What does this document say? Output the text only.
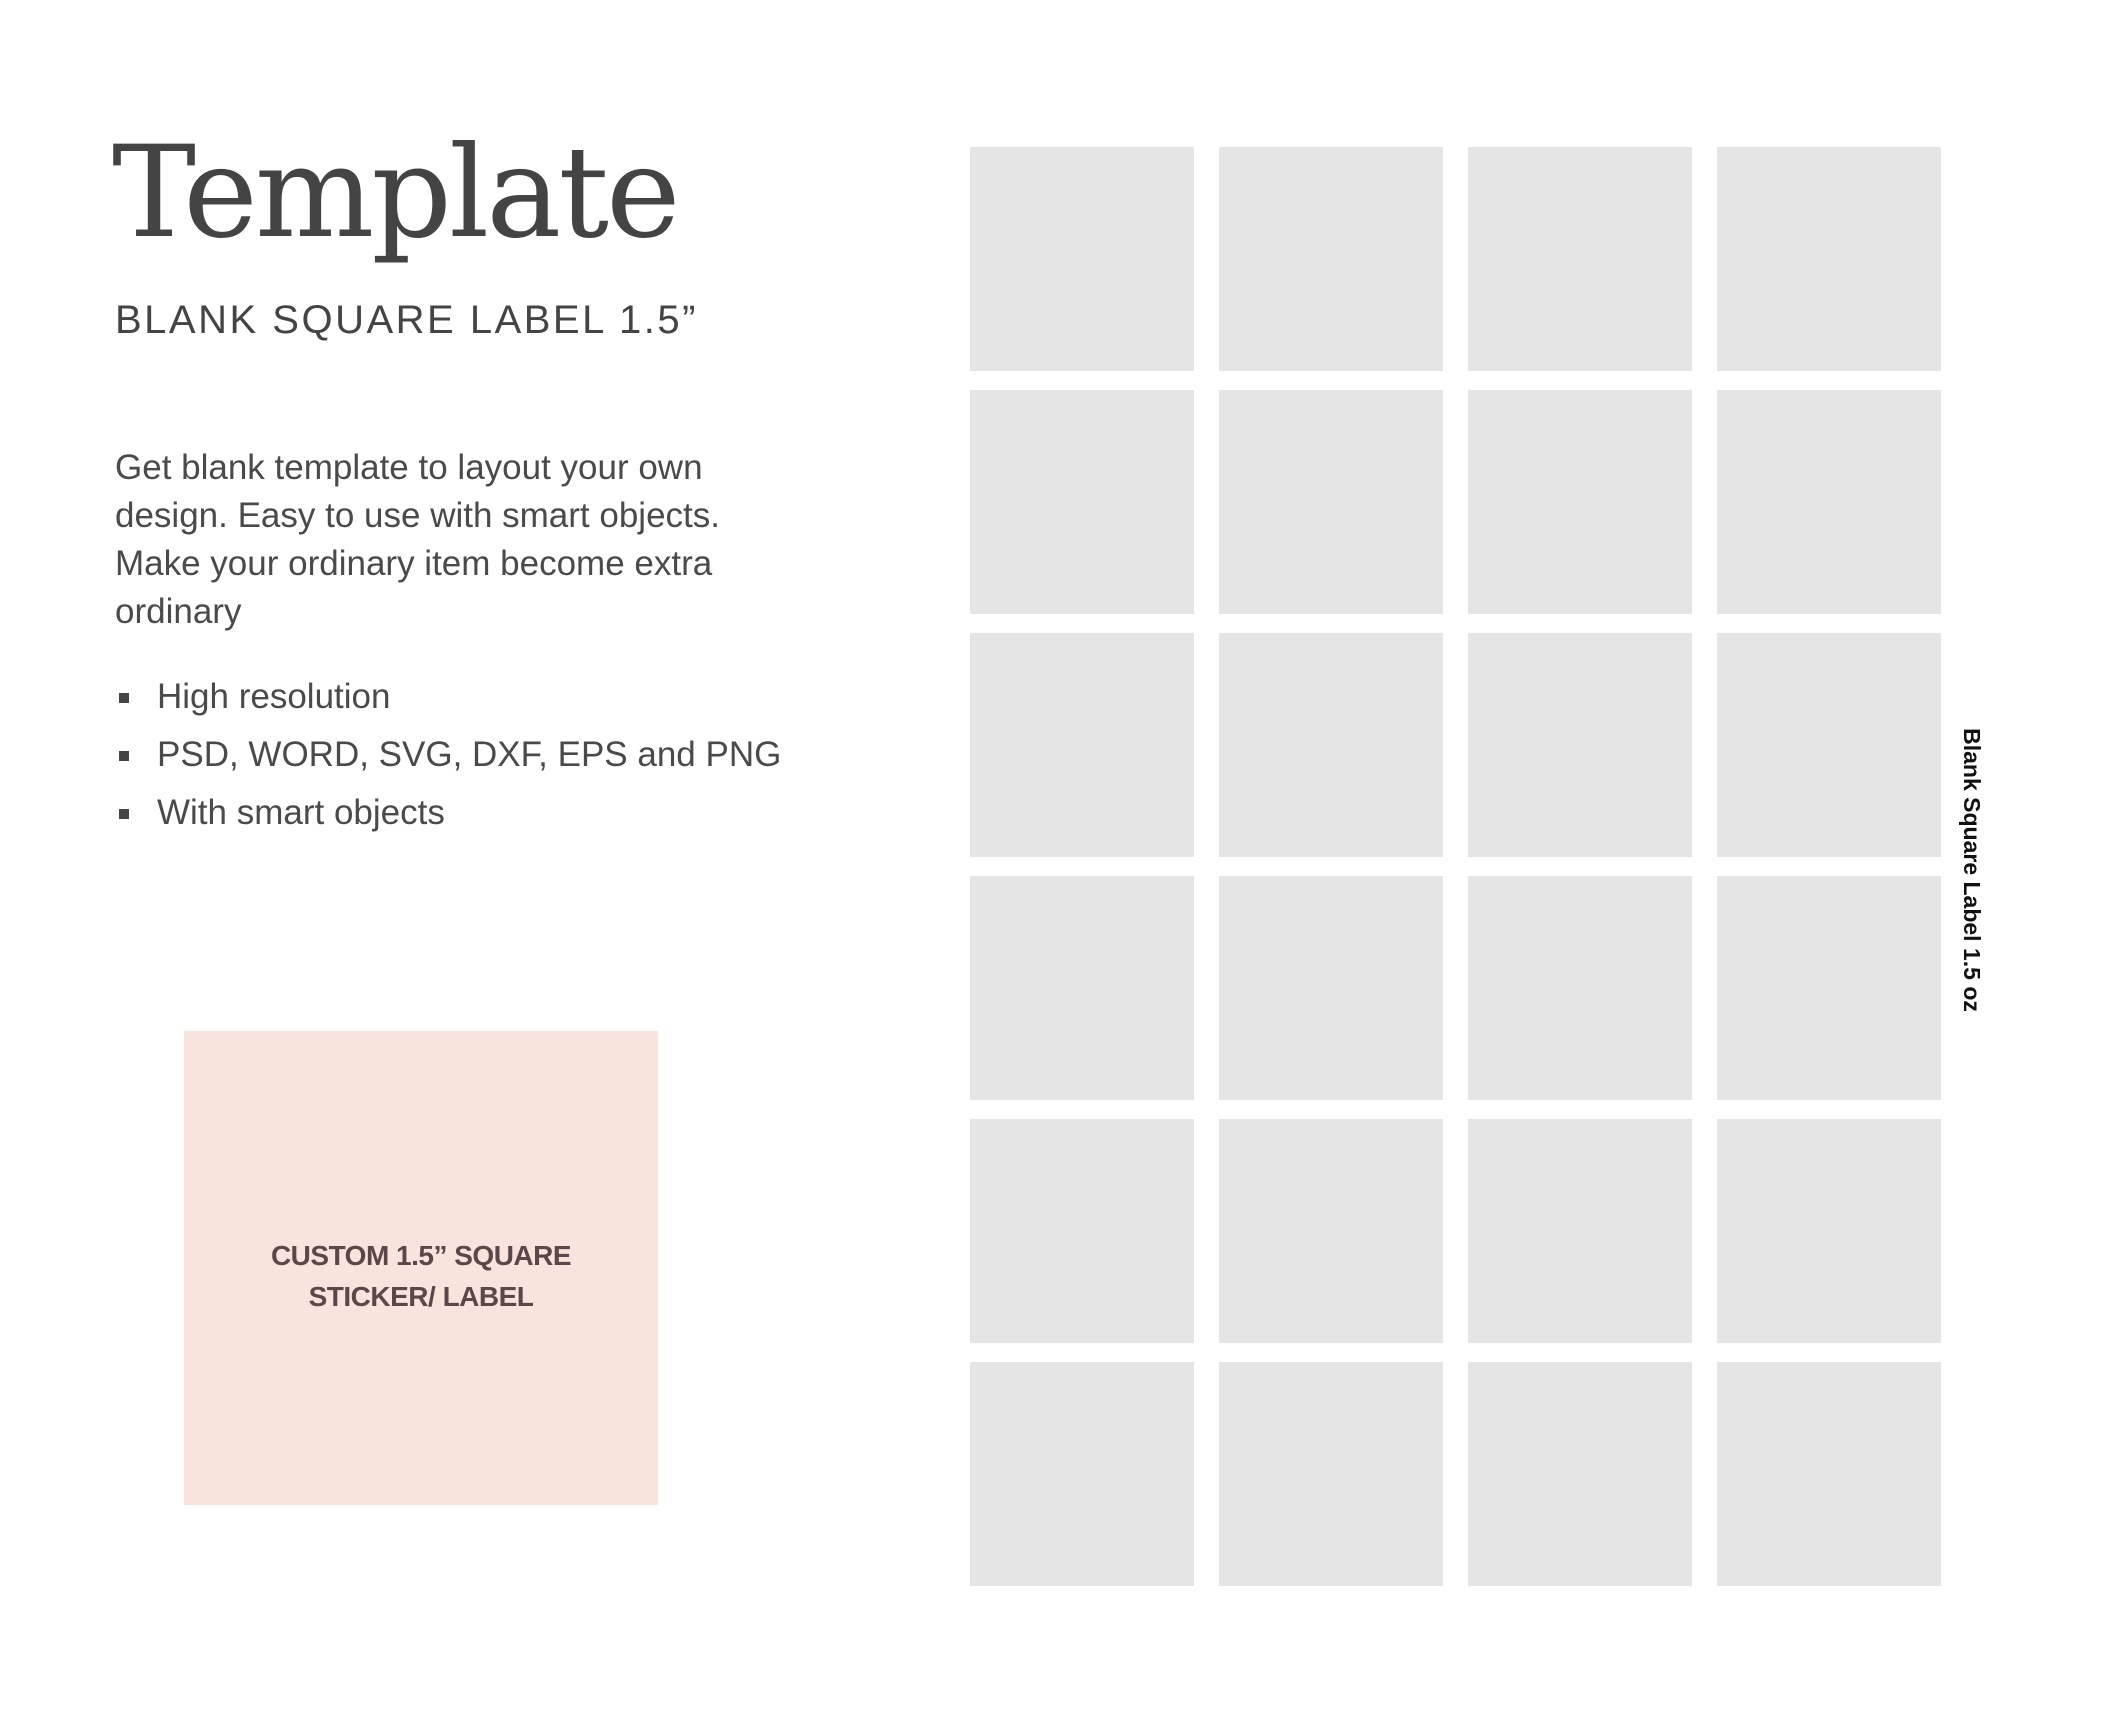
Template
BLANK SQUARE LABEL 1.5”

Get blank template to layout your own design. Easy to use with smart objects. Make your ordinary item become extra ordinary

High resolution
PSD, WORD, SVG, DXF, EPS and PNG
With smart objects
CUSTOM 1.5” SQUARE
STICKER/ LABEL
Blank Square Label 1.5 oz
